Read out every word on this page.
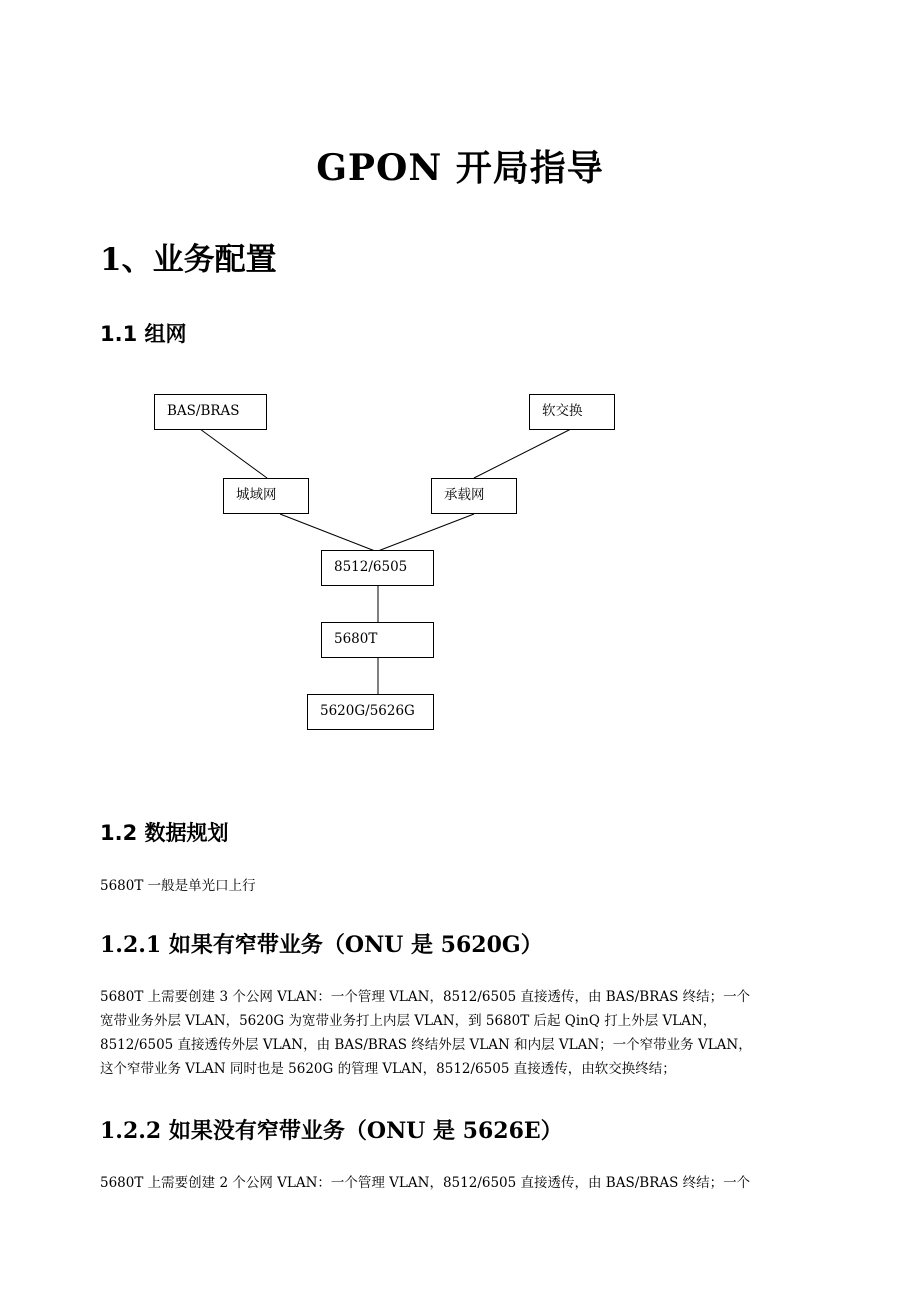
GPON 开局指导
1、业务配置
1.1 组网
BAS/BRAS	软交换
城域网	承载网
8512/6505
5680T
5620G/5626G
1.2 数据规划

5680T 一般是单光口上行

1.2.1 如果有窄带业务（ONU 是 5620G）
5680T 上需要创建 3 个公网 VLAN：一个管理 VLAN，8512/6505 直接透传，由 BAS/BRAS 终结；一个
宽带业务外层 VLAN，5620G 为宽带业务打上内层 VLAN，到 5680T 后起 QinQ 打上外层 VLAN，
8512/6505 直接透传外层 VLAN，由 BAS/BRAS 终结外层 VLAN 和内层 VLAN；一个窄带业务 VLAN，
这个窄带业务 VLAN 同时也是 5620G 的管理 VLAN，8512/6505 直接透传，由软交换终结；
1.2.2 如果没有窄带业务（ONU 是 5626E）
5680T 上需要创建 2 个公网 VLAN：一个管理 VLAN，8512/6505 直接透传，由 BAS/BRAS 终结；一个
